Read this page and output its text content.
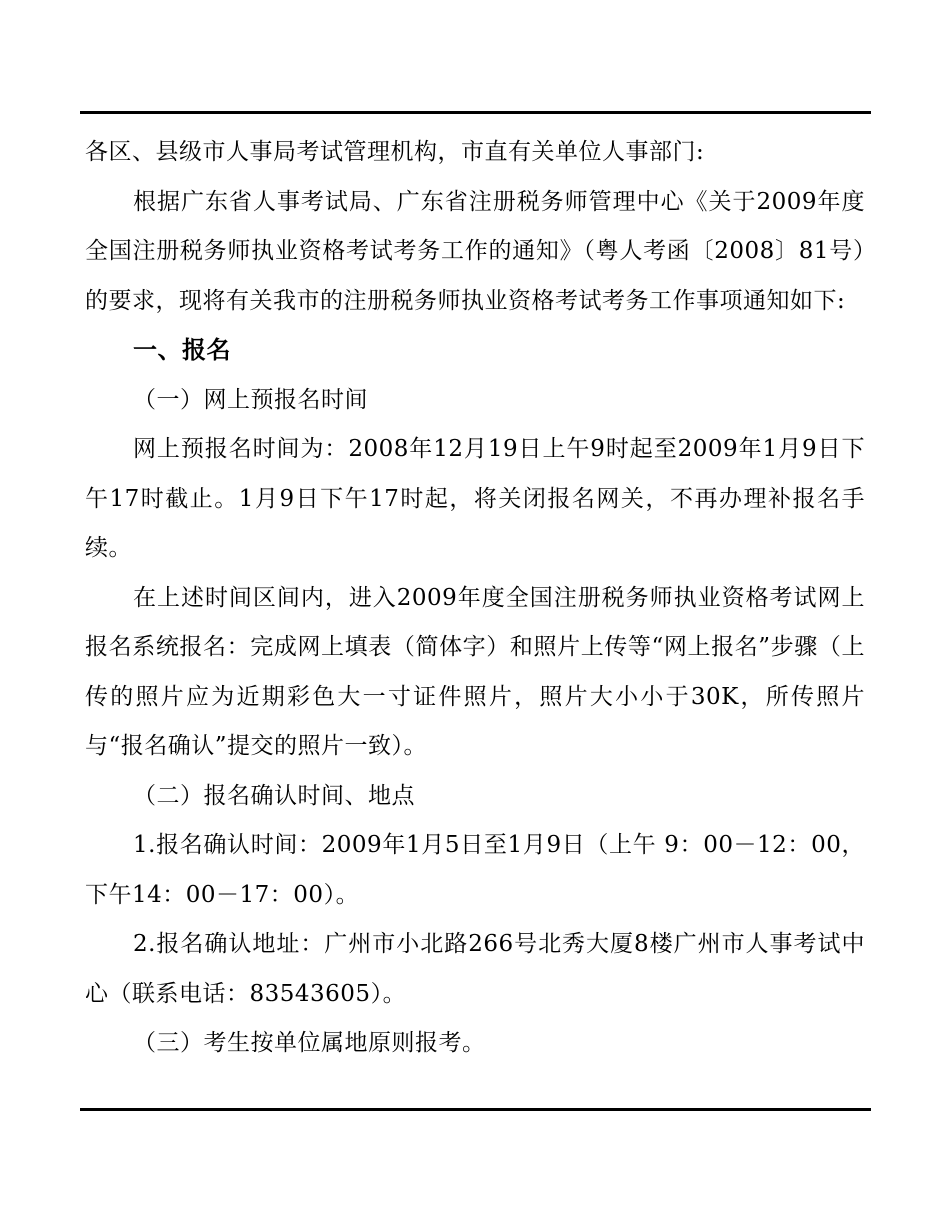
各区、县级市人事局考试管理机构，市直有关单位人事部门:

根据广东省人事考试局、广东省注册税务师管理中心《关于2009年度全国注册税务师执业资格考试考务工作的通知》（粤人考函〔2008〕81号）的要求，现将有关我市的注册税务师执业资格考试考务工作事项通知如下:

一、报名

（一）网上预报名时间

网上预报名时间为：2008年12月19日上午9时起至2009年1月9日下午17时截止。1月9日下午17时起，将关闭报名网关，不再办理补报名手续。

在上述时间区间内，进入2009年度全国注册税务师执业资格考试网上报名系统报名：完成网上填表（简体字）和照片上传等“网上报名”步骤（上传的照片应为近期彩色大一寸证件照片，照片大小小于30K，所传照片与“报名确认”提交的照片一致）。

（二）报名确认时间、地点

1.报名确认时间：2009年1月5日至1月9日（上午 9：00－12：00，下午14：00－17：00）。

2.报名确认地址：广州市小北路266号北秀大厦8楼广州市人事考试中心（联系电话：83543605）。

（三）考生按单位属地原则报考。
